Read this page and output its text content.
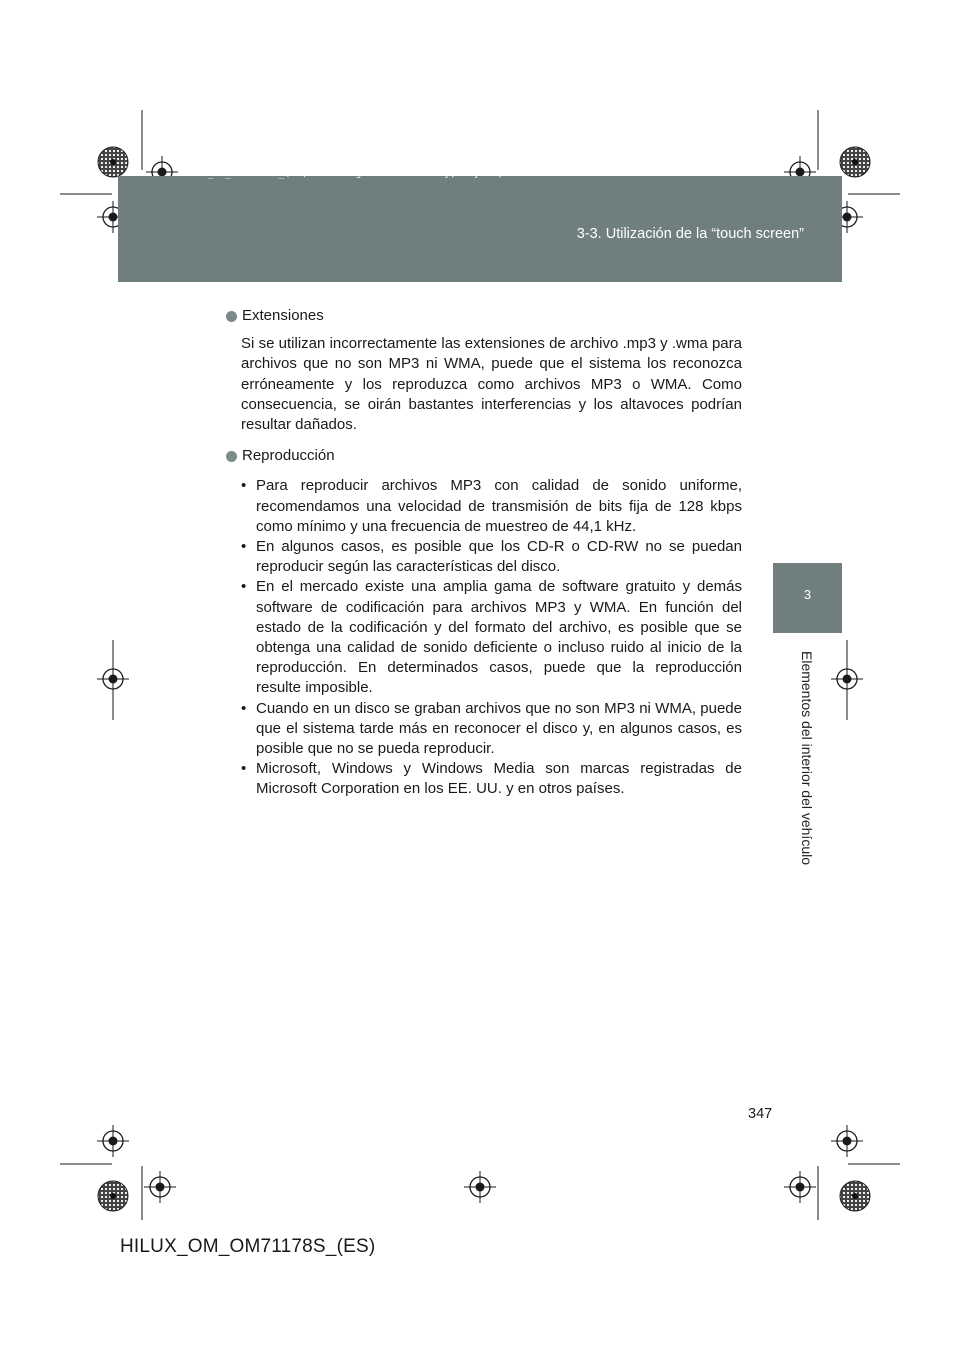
3-3. Utilización de la “touch screen”
HILUX_OM_OM71178S_(ES).book Page 347 Wednesday, May 16, 2012 3:09 PM
3
Elementos del interior del vehículo
Extensiones

Si se utilizan incorrectamente las extensiones de archivo .mp3 y .wma para archivos que no son MP3 ni WMA, puede que el sistema los reconozca erróneamente y los reproduzca como archivos MP3 o WMA. Como consecuencia, se oirán bastantes interferencias y los altavoces podrían resultar dañados.

Reproducción
• Para reproducir archivos MP3 con calidad de sonido uniforme, recomendamos una velocidad de transmisión de bits fija de 128 kbps como mínimo y una frecuencia de muestreo de 44,1 kHz.
• En algunos casos, es posible que los CD-R o CD-RW no se puedan reproducir según las características del disco.
• En el mercado existe una amplia gama de software gratuito y demás software de codificación para archivos MP3 y WMA. En función del estado de la codificación y del formato del archivo, es posible que se obtenga una calidad de sonido deficiente o incluso ruido al inicio de la reproducción. En determinados casos, puede que la reproducción resulte imposible.
• Cuando en un disco se graban archivos que no son MP3 ni WMA, puede que el sistema tarde más en reconocer el disco y, en algunos casos, es posible que no se pueda reproducir.
• Microsoft, Windows y Windows Media son marcas registradas de Microsoft Corporation en los EE. UU. y en otros países.
347
HILUX_OM_OM71178S_(ES)
